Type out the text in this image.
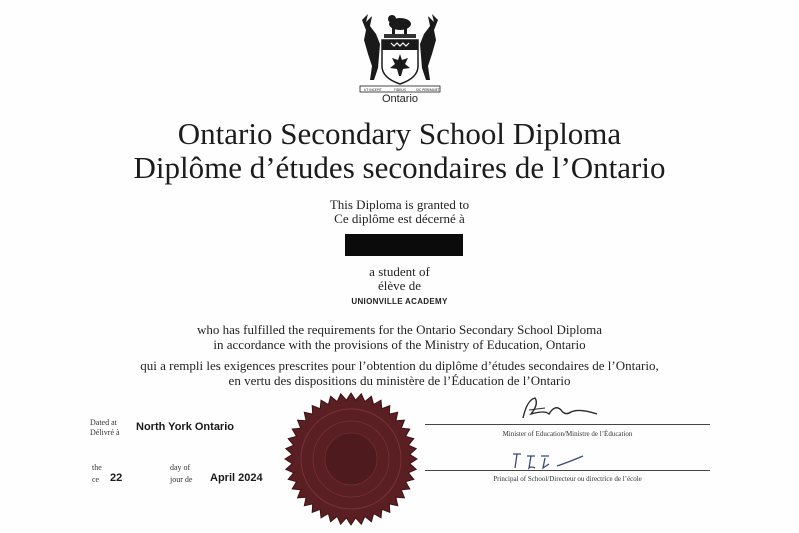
UT INCEPIT	FIDELIS	SIC PERMANET
Ontario
Ontario Secondary School Diploma
Diplôme d’études secondaires de l’Ontario
This Diploma is granted to
Ce diplôme est décerné à
a student of
élève de
UNIONVILLE ACADEMY
who has fulfilled the requirements for the Ontario Secondary School Diploma
in accordance with the provisions of the Ministry of Education, Ontario
qui a rempli les exigences prescrites pour l’obtention du diplôme d’études secondaires de l’Ontario,
en vertu des dispositions du ministère de l’Éducation de l’Ontario
Dated at
Délivré à North York Ontario
the
ce 22
day of
jour de April 2024
Minister of Education/Ministre de l’Éducation
Principal of School/Directeur ou directrice de l’école
